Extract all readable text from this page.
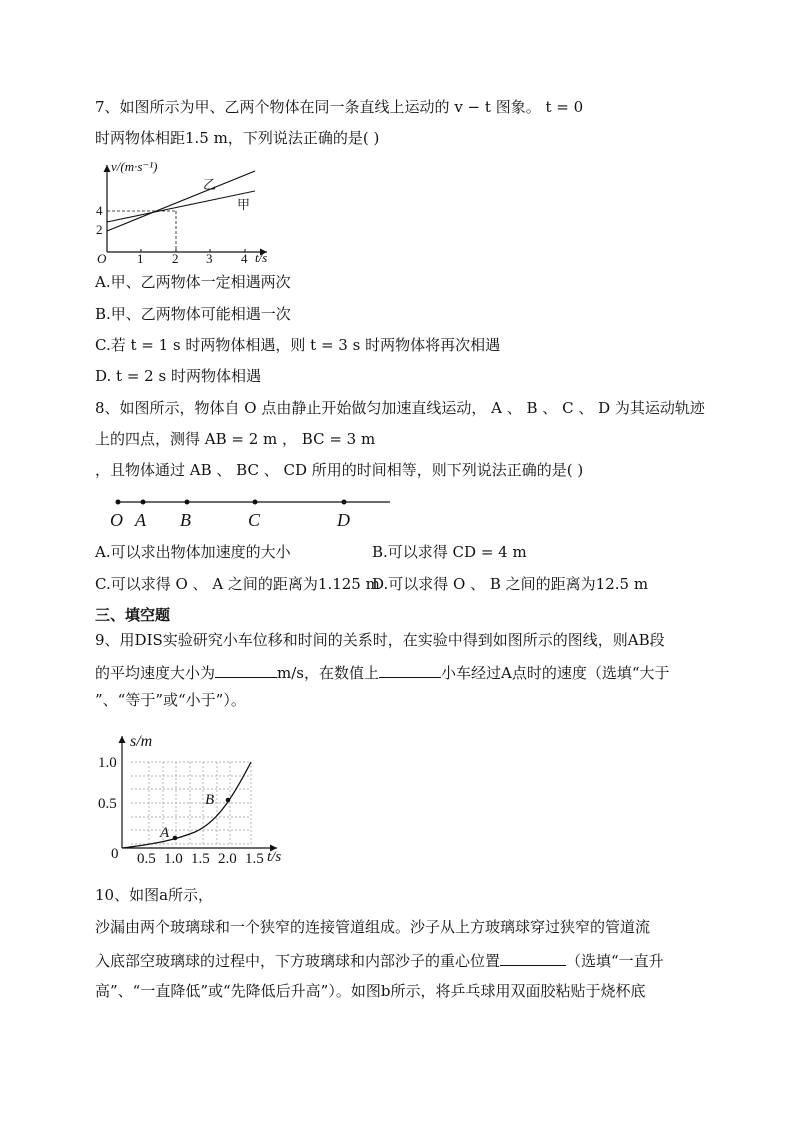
7、如图所示为甲、乙两个物体在同一条直线上运动的 v − t 图象。 t = 0
时两物体相距1.5 m，下列说法正确的是( )
v/(m·s⁻¹)
t/s
O
4
2
1 2 3 4
乙
甲
A.甲、乙两物体一定相遇两次
B.甲、乙两物体可能相遇一次
C.若 t = 1 s 时两物体相遇，则 t = 3 s 时两物体将再次相遇
D. t = 2 s 时两物体相遇
8、如图所示，物体自 O 点由静止开始做匀加速直线运动， A 、 B 、 C 、 D 为其运动轨迹
上的四点，测得 AB = 2 m ， BC = 3 m
，且物体通过 AB 、 BC 、 CD 所用的时间相等，则下列说法正确的是( )
O A B	C	D
A.可以求出物体加速度的大小	B.可以求得 CD = 4 m
C.可以求得 O 、 A 之间的距离为1.125 m
D.可以求得 O 、 B 之间的距离为12.5 m
三、填空题
9、用DIS实验研究小车位移和时间的关系时，在实验中得到如图所示的图线，则AB段
的平均速度大小为	m/s，在数值上	小车经过A点时的速度（选填“大于
”、“等于”或“小于”）。
s/m
t/s
0
1.0
0.5
0.5 1.0 1.5 2.0 1.5
A
B
10、如图a所示，
沙漏由两个玻璃球和一个狭窄的连接管道组成。沙子从上方玻璃球穿过狭窄的管道流
入底部空玻璃球的过程中，下方玻璃球和内部沙子的重心位置	（选填“一直升
高”、“一直降低”或“先降低后升高”）。如图b所示，将乒乓球用双面胶粘贴于烧杯底
